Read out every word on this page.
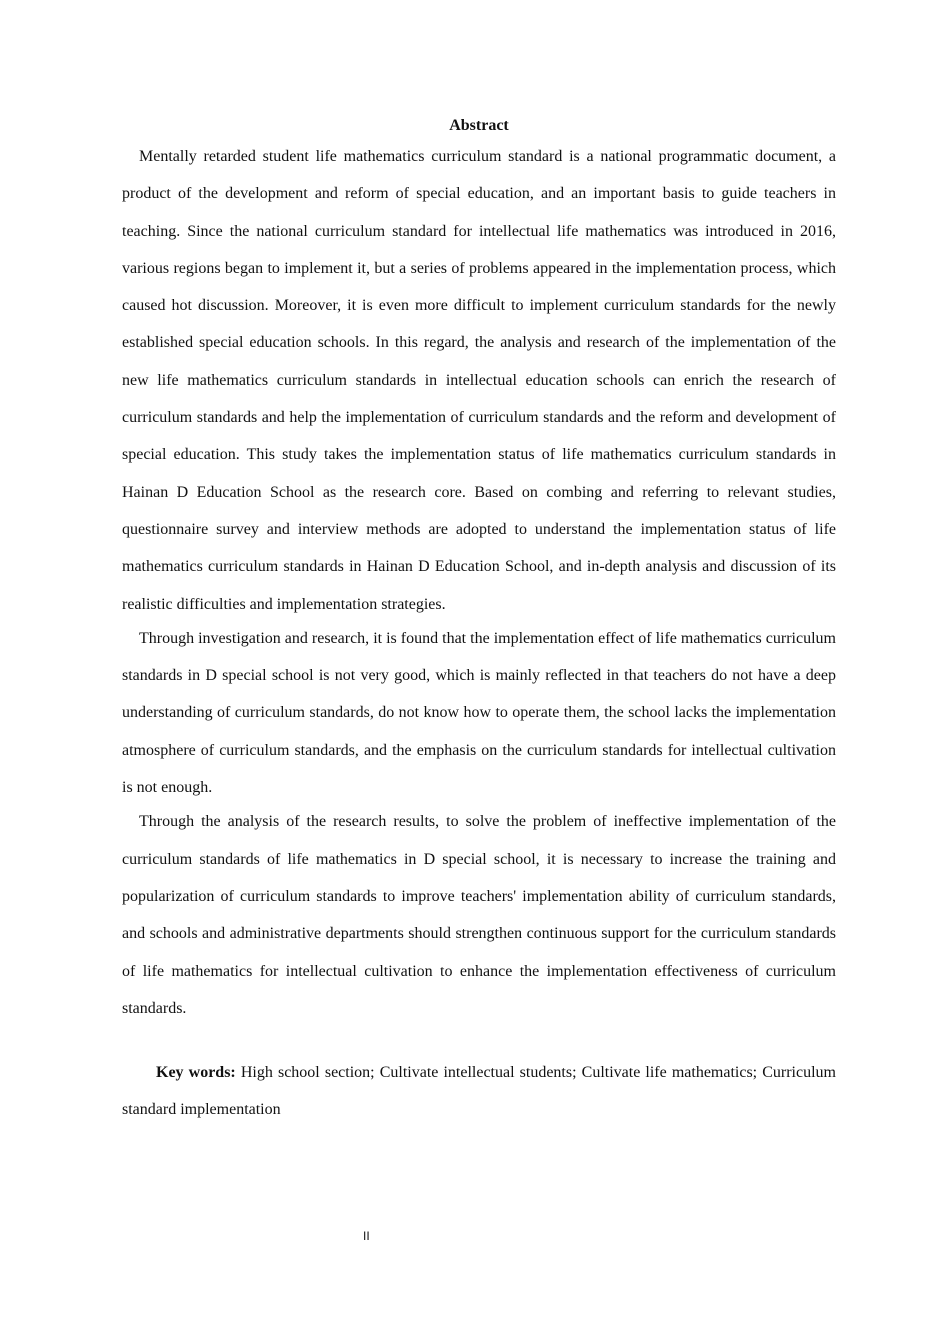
Abstract

Mentally retarded student life mathematics curriculum standard is a national programmatic document, a product of the development and reform of special education, and an important basis to guide teachers in teaching. Since the national curriculum standard for intellectual life mathematics was introduced in 2016, various regions began to implement it, but a series of problems appeared in the implementation process, which caused hot discussion. Moreover, it is even more difficult to implement curriculum standards for the newly established special education schools. In this regard, the analysis and research of the implementation of the new life mathematics curriculum standards in intellectual education schools can enrich the research of curriculum standards and help the implementation of curriculum standards and the reform and development of special education. This study takes the implementation status of life mathematics curriculum standards in Hainan D Education School as the research core. Based on combing and referring to relevant studies, questionnaire survey and interview methods are adopted to understand the implementation status of life mathematics curriculum standards in Hainan D Education School, and in-depth analysis and discussion of its realistic difficulties and implementation strategies.

Through investigation and research, it is found that the implementation effect of life mathematics curriculum standards in D special school is not very good, which is mainly reflected in that teachers do not have a deep understanding of curriculum standards, do not know how to operate them, the school lacks the implementation atmosphere of curriculum standards, and the emphasis on the curriculum standards for intellectual cultivation is not enough.

Through the analysis of the research results, to solve the problem of ineffective implementation of the curriculum standards of life mathematics in D special school, it is necessary to increase the training and popularization of curriculum standards to improve teachers' implementation ability of curriculum standards, and schools and administrative departments should strengthen continuous support for the curriculum standards of life mathematics for intellectual cultivation to enhance the implementation effectiveness of curriculum standards.

Key words: High school section; Cultivate intellectual students; Cultivate life mathematics; Curriculum standard implementation

II
